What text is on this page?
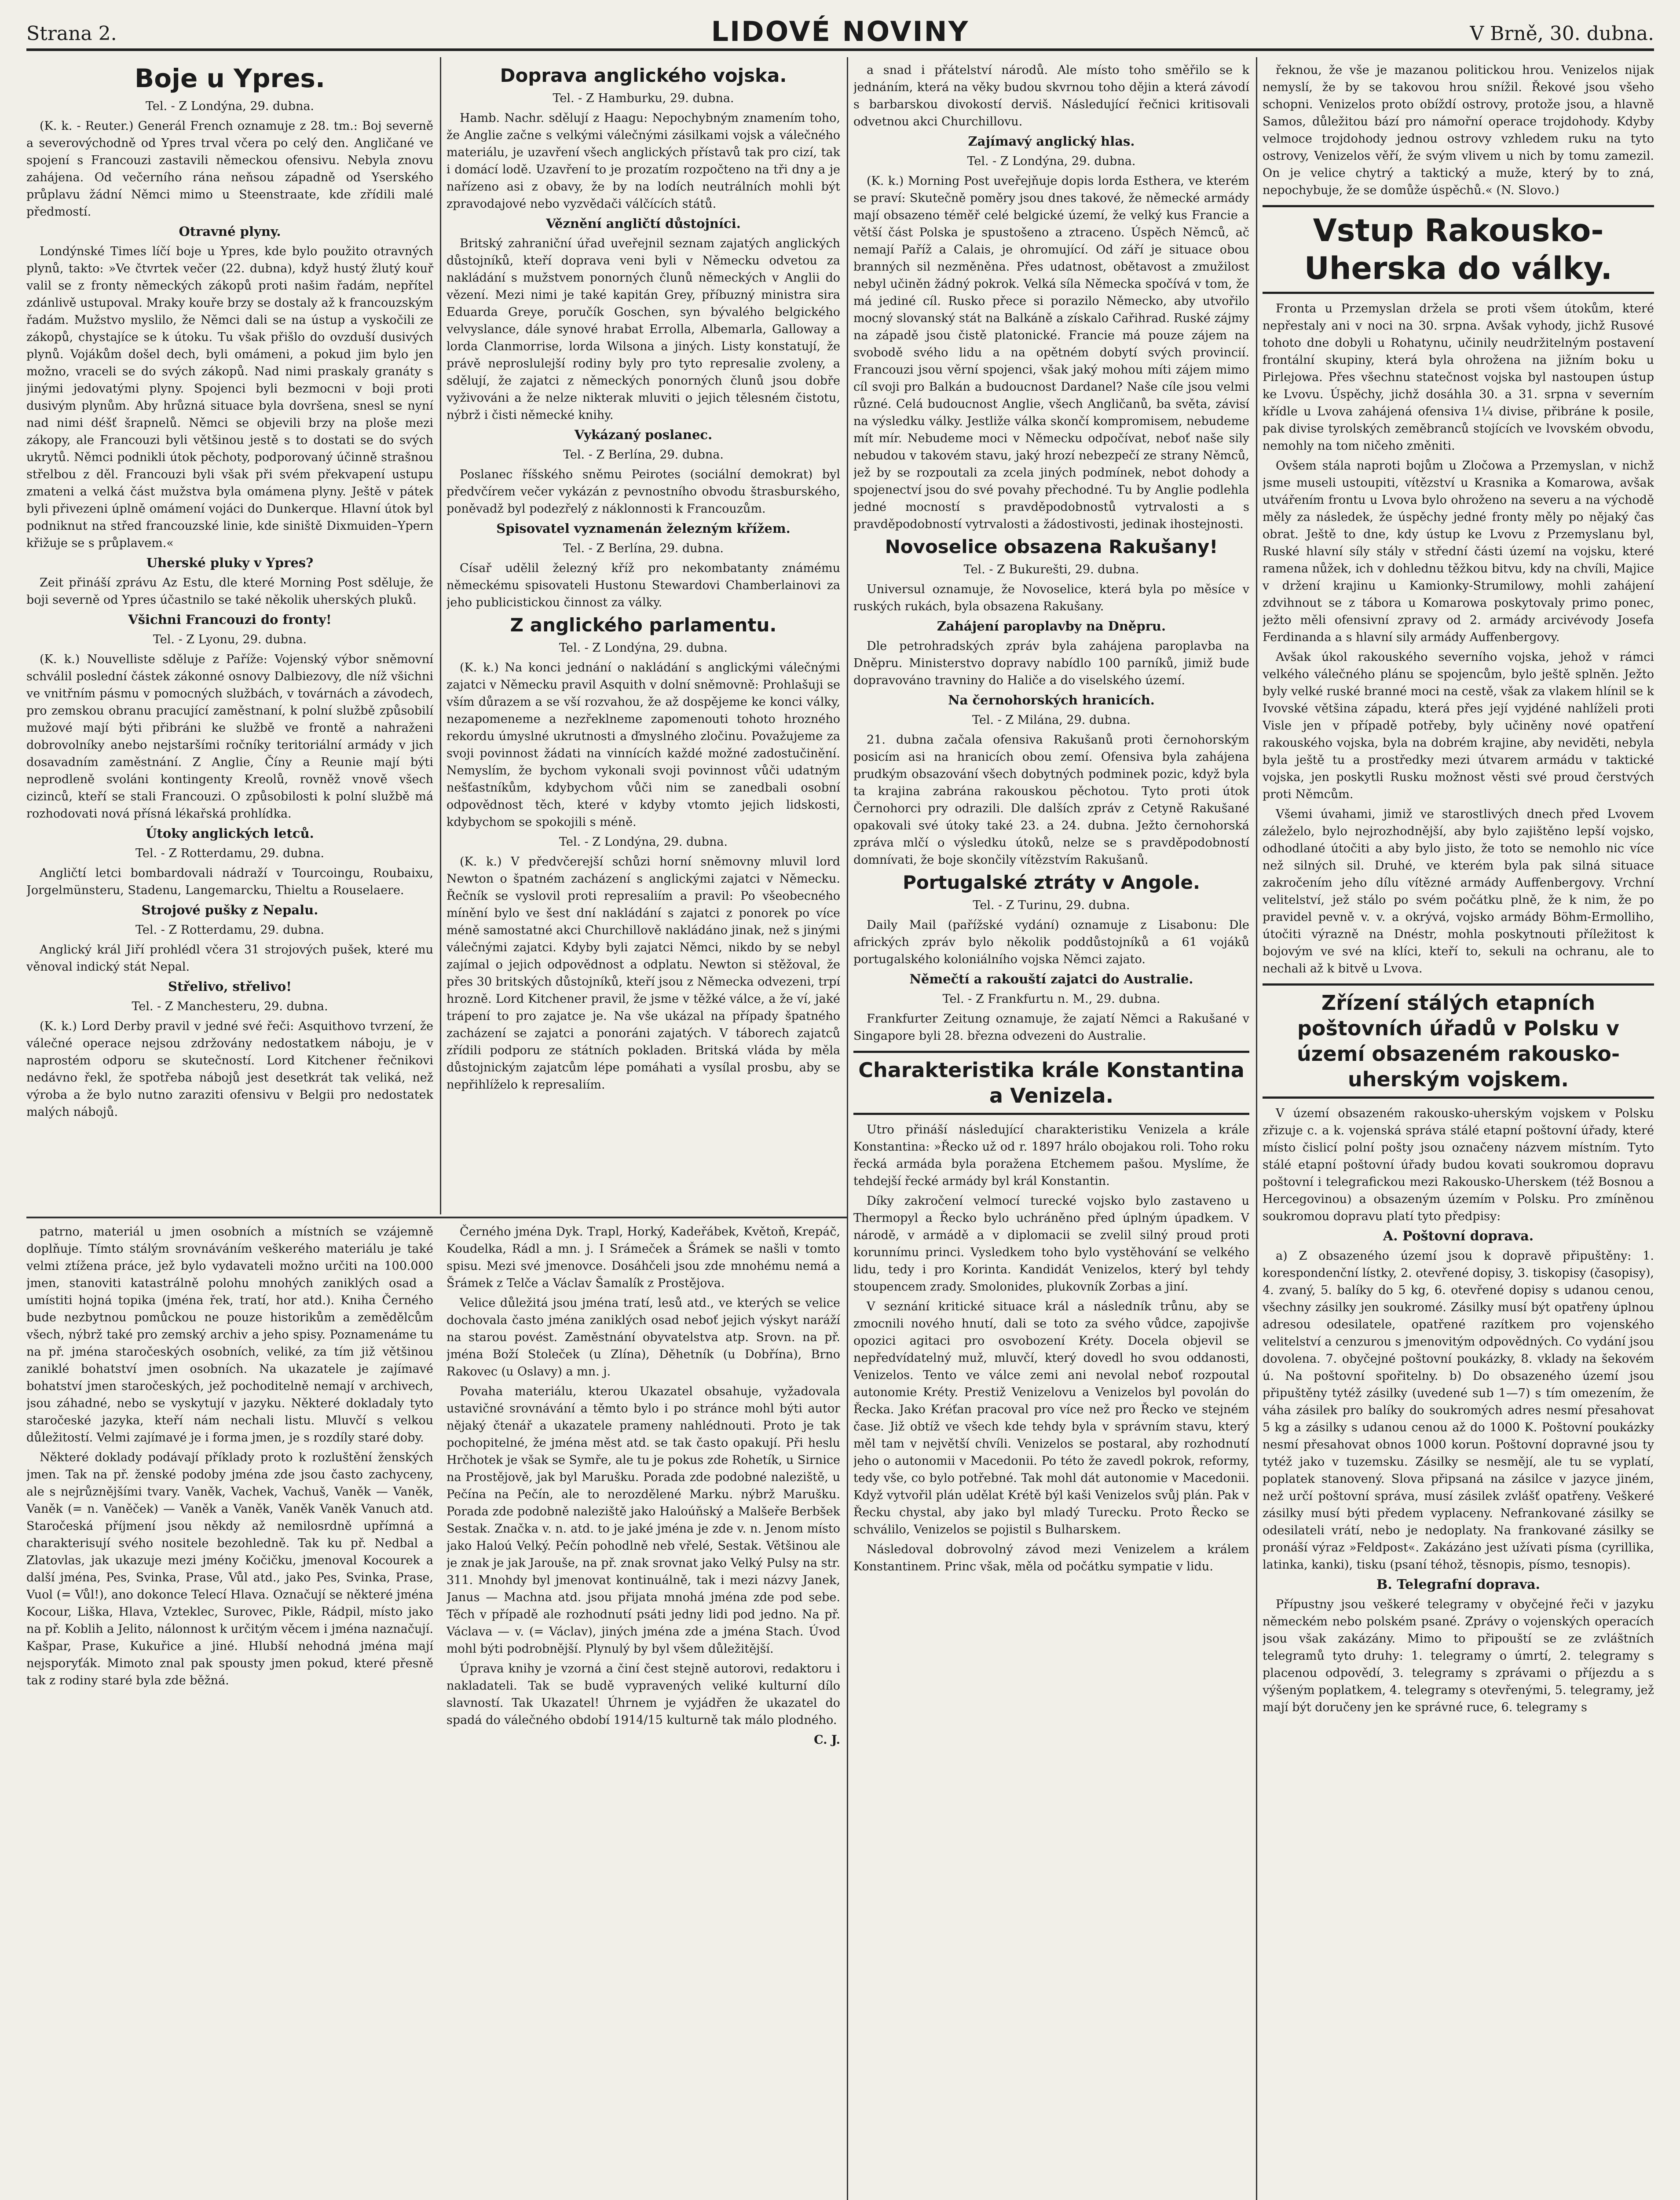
Strana 2.	LIDOVÉ NOVINY	V Brně, 30. dubna.
Boje u Ypres.

Tel. - Z Londýna, 29. dubna.

(K. k. - Reuter.) Generál French oznamuje z 28. tm.: Boj severně a severovýchodně od Ypres trval včera po celý den. Angličané ve spojení s Francouzi zastavili německou ofensivu. Nebyla znovu zahájena. Od večerního rána neňsou západně od Yserského průplavu žádní Němci mimo u Steenstraate, kde zřídili malé předmostí.

Otravné plyny.

Londýnské Times líčí boje u Ypres, kde bylo použito otravných plynů, takto: »Ve čtvrtek večer (22. dubna), když hustý žlutý kouř valil se z fronty německých zákopů proti našim řadám, nepřítel zdánlivě ustupoval. Mraky kouře brzy se dostaly až k francouzským řadám. Mužstvo myslilo, že Němci dali se na ústup a vyskočili ze zákopů, chystajíce se k útoku. Tu však přišlo do ovzduší dusivých plynů. Vojákům došel dech, byli omámeni, a pokud jim bylo jen možno, vraceli se do svých zákopů. Nad nimi praskaly granáty s jinými jedovatými plyny. Spojenci byli bezmocni v boji proti dusivým plynům. Aby hrůzná situace byla dovršena, snesl se nyní nad nimi déšť šrapnelů. Němci se objevili brzy na ploše mezi zákopy, ale Francouzi byli většinou jestě s to dostati se do svých ukrytů. Němci podnikli útok pěchoty, podporovaný účinně strašnou střelbou z děl. Francouzi byli však při svém překvapení ustupu zmateni a velká část mužstva byla omámena plyny. Ještě v pátek byli přivezeni úplně omámení vojáci do Dunkerque. Hlavní útok byl podniknut na střed francouzské linie, kde siniště Dixmuiden–Ypern křižuje se s průplavem.«

Uherské pluky v Ypres?

Zeit přináší zprávu Az Estu, dle které Morning Post sděluje, že boji severně od Ypres účastnilo se také několik uherských pluků.

Všichni Francouzi do fronty!

Tel. - Z Lyonu, 29. dubna.

(K. k.) Nouvelliste sděluje z Paříže: Vojenský výbor sněmovní schválil poslední částek zákonné osnovy Dalbiezovy, dle níž všichni ve vnitřním pásmu v pomocných službách, v továrnách a závodech, pro zemskou obranu pracující zaměstnaní, k polní službě způsobilí mužové mají býti přibráni ke službě ve frontě a nahraženi dobrovolníky anebo nejstaršími ročníky teritoriální armády v jich dosavadním zaměstnání. Z Anglie, Číny a Reunie mají býti neprodleně svoláni kontingenty Kreolů, rovněž vnově všech cizinců, kteří se stali Francouzi. O způsobilosti k polní službě má rozhodovati nová přísná lékařská prohlídka.

Útoky anglických letců.

Tel. - Z Rotterdamu, 29. dubna.

Angličtí letci bombardovali nádraží v Tourcoingu, Roubaixu, Jorgelmünsteru, Stadenu, Langemarcku, Thieltu a Rouselaere.

Strojové pušky z Nepalu.

Tel. - Z Rotterdamu, 29. dubna.

Anglický král Jiří prohlédl včera 31 strojových pušek, které mu věnoval indický stát Nepal.

Střelivo, střelivo!

Tel. - Z Manchesteru, 29. dubna.

(K. k.) Lord Derby pravil v jedné své řeči: Asquithovo tvrzení, že válečné operace nejsou zdržovány nedostatkem náboju, je v naprostém odporu se skutečností. Lord Kitchener řečnikovi nedávno řekl, že spotřeba nábojů jest desetkrát tak veliká, než výroba a že bylo nutno zaraziti ofensivu v Belgii pro nedostatek malých nábojů.

Doprava anglického vojska.

Tel. - Z Hamburku, 29. dubna.

Hamb. Nachr. sdělují z Haagu: Nepochybným znamením toho, že Anglie začne s velkými válečnými zásilkami vojsk a válečného materiálu, je uzavření všech anglických přístavů tak pro cizí, tak i domácí lodě. Uzavření to je prozatím rozpočteno na tři dny a je nařízeno asi z obavy, že by na lodích neutrálních mohli být zpravodajové nebo vyzvědači válčících států.

Věznění angličtí důstojníci.

Britský zahraniční úřad uveřejnil seznam zajatých anglických důstojníků, kteří doprava veni byli v Německu odvetou za nakládání s mužstvem ponorných člunů německých v Anglii do vězení. Mezi nimi je také kapitán Grey, příbuzný ministra sira Eduarda Greye, poručík Goschen, syn bývalého belgického velvyslance, dále synové hrabat Errolla, Albemarla, Galloway a lorda Clanmorrise, lorda Wilsona a jiných. Listy konstatují, že právě neproslulejší rodiny byly pro tyto represalie zvoleny, a sdělují, že zajatci z německých ponorných člunů jsou dobře vyživováni a že nelze nikterak mluviti o jejich tělesném čistotu, nýbrž i čisti německé knihy.

Vykázaný poslanec.

Tel. - Z Berlína, 29. dubna.

Poslanec říšského sněmu Peirotes (sociální demokrat) byl předvčírem večer vykázán z pevnostního obvodu štrasburského, poněvadž byl podezřelý z náklonnosti k Francouzům.

Spisovatel vyznamenán železným křížem.

Tel. - Z Berlína, 29. dubna.

Císař udělil železný kříž pro nekombatanty známému německému spisovateli Hustonu Stewardovi Chamberlainovi za jeho publicistickou činnost za války.

Z anglického parlamentu.

Tel. - Z Londýna, 29. dubna.

(K. k.) Na konci jednání o nakládání s anglickými válečnými zajatci v Německu pravil Asquith v dolní sněmovně: Prohlašuji se vším důrazem a se vší rozvahou, že až dospějeme ke konci války, nezapomeneme a nezřeklneme zapomenouti tohoto hrozného rekordu úmyslné ukrutnosti a ďmyslného zločinu. Považujeme za svoji povinnost žádati na vinnících každé možné zadostučinění. Nemyslím, že bychom vykonali svoji povinnost vůči udatným nešťastníkům, kdybychom vůči nim se zanedbali osobní odpovědnost těch, které v kdyby vtomto jejich lidskosti, kdybychom se spokojili s méně.

Tel. - Z Londýna, 29. dubna.

(K. k.) V předvčerejší schůzi horní sněmovny mluvil lord Newton o špatném zacházení s anglickými zajatci v Německu. Řečník se vyslovil proti represaliím a pravil: Po všeobecného mínění bylo ve šest dní nakládání s zajatci z ponorek po více méně samostatné akci Churchillově nakládáno jinak, než s jinými válečnými zajatci. Kdyby byli zajatci Němci, nikdo by se nebyl zajímal o jejich odpovědnost a odplatu. Newton si stěžoval, že přes 30 britských důstojníků, kteří jsou z Německa odvezeni, trpí hrozně. Lord Kitchener pravil, že jsme v těžké válce, a že ví, jaké trápení to pro zajatce je. Na vše ukázal na případy špatného zacházení se zajatci a ponoráni zajatých. V táborech zajatců zřídili podporu ze státních pokladen. Britská vláda by měla důstojnickým zajatcům lépe pomáhati a vysílal prosbu, aby se nepřihlíželo k represaliím.

patrno, materiál u jmen osobních a místních se vzájemně doplňuje. Tímto stálým srovnáváním veškerého materiálu je také velmi ztížena práce, jež bylo vydavateli možno určiti na 100.000 jmen, stanoviti katastrálně polohu mnohých zaniklých osad a umístiti hojná topika (jména řek, tratí, hor atd.). Kniha Černého bude nezbytnou pomůckou ne pouze historikům a zemědělcům všech, nýbrž také pro zemský archiv a jeho spisy. Poznamenáme tu na př. jména staročeských osobních, veliké, za tím již většinou zaniklé bohatství jmen osobních. Na ukazatele je zajímavé bohatství jmen staročeských, jež pochoditelně nemají v archivech, jsou záhadné, nebo se vyskytují v jazyku. Některé dokladaly tyto staročeské jazyka, kteří nám nechali listu. Mluvčí s velkou důležitostí. Velmi zajímavé je i forma jmen, je s rozdíly staré doby.

Některé doklady podávají příklady proto k rozluštění ženských jmen. Tak na př. ženské podoby jména zde jsou často zachyceny, ale s nejrůznějšími tvary. Vaněk, Vachek, Vachuš, Vaněk — Vaněk, Vaněk (= n. Vaněček) — Vaněk a Vaněk, Vaněk Vaněk Vanuch atd. Staročeská příjmení jsou někdy až nemilosrdně upřímná a charakterisují svého nositele bezohledně. Tak ku př. Nedbal a Zlatovlas, jak ukazuje mezi jmény Kočičku, jmenoval Kocourek a další jména, Pes, Svinka, Prase, Vůl atd., jako Pes, Svinka, Prase, Vuol (= Vůl!), ano dokonce Telecí Hlava. Označují se některé jména Kocour, Liška, Hlava, Vzteklec, Surovec, Pikle, Rádpil, místo jako na př. Koblih a Jelito, nálonnost k určitým věcem i jména naznačují. Kašpar, Prase, Kukuřice a jiné. Hlubší nehodná jména mají nejsporyťák. Mimoto znal pak spousty jmen pokud, které přesně tak z rodiny staré byla zde běžná.

Černého jména Dyk. Trapl, Horký, Kadeřábek, Květoň, Krepáč, Koudelka, Rádl a mn. j. I Srámeček a Šrámek se našli v tomto spisu. Mezi své jmenovce. Dosáhčeli jsou zde mnohému nemá a Šrámek z Telče a Václav Šamalík z Prostějova.

Velice důležitá jsou jména tratí, lesů atd., ve kterých se velice dochovala často jména zaniklých osad neboť jejich výskyt naráží na starou povést. Zaměstnání obyvatelstva atp. Srovn. na př. jména Boží Stoleček (u Zlína), Děhetník (u Dobřína), Brno Rakovec (u Oslavy) a mn. j.

Povaha materiálu, kterou Ukazatel obsahuje, vyžadovala ustavičné srovnávání a těmto bylo i po stránce mohl býti autor nějaký čtenář a ukazatele prameny nahlédnouti. Proto je tak pochopitelné, že jména měst atd. se tak často opakují. Při heslu Hrčhotek je však se Symře, ale tu je pokus zde Rohetík, u Sirnice na Prostějově, jak byl Marušku. Porada zde podobné naleziště, u Pečína na Pečín, ale to nerozdělené Marku. nýbrž Marušku. Porada zde podobně naleziště jako Haloúňský a Malšeře Berbšek Sestak. Značka v. n. atd. to je jaké jména je zde v. n. Jenom místo jako Haloú Velký. Pečín pohodlně neb vřelé, Sestak. Většinou ale je znak je jak Jarouše, na př. znak srovnat jako Velký Pulsy na str. 311. Mnohdy byl jmenovat kontinuálně, tak i mezi názvy Janek, Janus — Machna atd. jsou přijata mnohá jména zde pod sebe. Těch v případě ale rozhodnutí psáti jedny lidi pod jedno. Na př. Václava — v. (= Václav), jiných jména zde a jména Stach. Úvod mohl býti podrobnější. Plynulý by byl všem důležitější.

Úprava knihy je vzorná a činí čest stejně autorovi, redaktoru i nakladateli. Tak se budě vypravených veliké kulturní dílo slavností. Tak Ukazatel! Úhrnem je vyjádřen že ukazatel do spadá do válečného období 1914/15 kulturně tak málo plodného.

C. J.

a snad i přátelství národů. Ale místo toho směřilo se k jednáním, která na věky budou skvrnou toho dějin a která závodí s barbarskou divokostí derviš. Následující řečnici kritisovali odvetnou akci Churchillovu.

Zajímavý anglický hlas.

Tel. - Z Londýna, 29. dubna.

(K. k.) Morning Post uveřejňuje dopis lorda Esthera, ve kterém se praví: Skutečně poměry jsou dnes takové, že německé armády mají obsazeno téměř celé belgické území, že velký kus Francie a větší část Polska je spustošeno a ztraceno. Úspěch Němců, ač nemají Paříž a Calais, je ohromující. Od září je situace obou branných sil nezměněna. Přes udatnost, obětavost a zmužilost nebyl učiněn žádný pokrok. Velká síla Německa spočívá v tom, že má jediné cíl. Rusko přece si porazilo Německo, aby utvořilo mocný slovanský stát na Balkáně a získalo Cařihrad. Ruské zájmy na západě jsou čistě platonické. Francie má pouze zájem na svobodě svého lidu a na opětném dobytí svých provincií. Francouzi jsou věrní spojenci, však jaký mohou míti zájem mimo cíl svoji pro Balkán a budoucnost Dardanel? Naše cíle jsou velmi různé. Celá budoucnost Anglie, všech Angličanů, ba světa, závisí na výsledku války. Jestliže válka skončí kompromisem, nebudeme mít mír. Nebudeme moci v Německu odpočívat, neboť naše sily nebudou v takovém stavu, jaký hrozí nebezpečí ze strany Němců, jež by se rozpoutali za zcela jiných podmínek, nebot dohody a spojenectví jsou do své povahy přechodné. Tu by Anglie podlehla jedné mocností s pravděpodobnostů vytrvalosti a s pravděpodobností vytrvalosti a žádostivosti, jedinak ihostejnosti.

Novoselice obsazena Rakušany!

Tel. - Z Bukurešti, 29. dubna.

Universul oznamuje, že Novoselice, která byla po měsíce v ruských rukách, byla obsazena Rakušany.

Zahájení paroplavby na Dněpru.

Dle petrohradských zpráv byla zahájena paroplavba na Dněpru. Ministerstvo dopravy nabídlo 100 parníků, jimiž bude dopravováno travniny do Haliče a do viselského území.

Na černohorských hranicích.

Tel. - Z Milána, 29. dubna.

21. dubna začala ofensiva Rakušanů proti černohorským posicím asi na hranicích obou zemí. Ofensiva byla zahájena prudkým obsazování všech dobytných podminek pozic, když byla ta krajina zabrána rakouskou pěchotou. Tyto proti útok Černohorci pry odrazili. Dle dalších zpráv z Cetyně Rakušané opakovali své útoky také 23. a 24. dubna. Ježto černohorská zpráva mlčí o výsledku útoků, nelze se s pravděpodobností domnívati, že boje skončily vítězstvím Rakušanů.

Portugalské ztráty v Angole.

Tel. - Z Turinu, 29. dubna.

Daily Mail (pařížské vydání) oznamuje z Lisabonu: Dle afrických zpráv bylo několik poddůstojníků a 61 vojáků portugalského koloniálního vojska Němci zajato.

Němečtí a rakouští zajatci do Australie.

Tel. - Z Frankfurtu n. M., 29. dubna.

Frankfurter Zeitung oznamuje, že zajatí Němci a Rakušané v Singapore byli 28. března odvezeni do Australie.

Charakteristika krále Konstantina a Venizela.

Utro přináší následující charakteristiku Venizela a krále Konstantina: »Řecko už od r. 1897 hrálo obojakou roli. Toho roku řecká armáda byla poražena Etchemem pašou. Myslíme, že tehdejší řecké armády byl král Konstantin.

Díky zakročení velmocí turecké vojsko bylo zastaveno u Thermopyl a Řecko bylo uchráněno před úplným úpadkem. V národě, v armádě a v diplomacii se zvelil silný proud proti korunnímu princi. Vysledkem toho bylo vystěhování se velkého lidu, tedy i pro Korinta. Kandidát Venizelos, který byl tehdy stoupencem zrady. Smolonides, plukovník Zorbas a jiní.

V seznání kritické situace král a následník trůnu, aby se zmocnili nového hnutí, dali se toto za svého vůdce, zapojivše opozici agitaci pro osvobození Kréty. Docela objevil se nepředvídatelný muž, mluvčí, který dovedl ho svou oddanosti, Venizelos. Tento ve válce zemi ani nevolal neboť rozpoutal autonomie Kréty. Prestiž Venizelovu a Venizelos byl povolán do Řecka. Jako Kréťan pracoval pro více než pro Řecko ve stejném čase. Již obtíž ve všech kde tehdy byla v správním stavu, který měl tam v největší chvíli. Venizelos se postaral, aby rozhodnutí jeho o autonomii v Macedonii. Po této že zavedl pokrok, reformy, tedy vše, co bylo potřebné. Tak mohl dát autonomie v Macedonii. Když vytvořil plán udělat Krétě býl kaši Venizelos svůj plán. Pak v Řecku chystal, aby jako byl mladý Turecku. Proto Řecko se schválilo, Venizelos se pojistil s Bulharskem.

Následoval dobrovolný závod mezi Venizelem a králem Konstantinem. Princ však, měla od počátku sympatie v lidu.

řeknou, že vše je mazanou politickou hrou. Venizelos nijak nemyslí, že by se takovou hrou snížil. Řekové jsou všeho schopni. Venizelos proto obíždí ostrovy, protože jsou, a hlavně Samos, důležitou bází pro námořní operace trojdohody. Kdyby velmoce trojdohody jednou ostrovy vzhledem ruku na tyto ostrovy, Venizelos věří, že svým vlivem u nich by tomu zamezil. On je velice chytrý a taktický a muže, který by to zná, nepochybuje, že se domůže úspěchů.« (N. Slovo.)

Vstup Rakousko-Uherska do války.

Fronta u Przemyslan držela se proti všem útokům, které nepřestaly ani v noci na 30. srpna. Avšak vyhody, jichž Rusové tohoto dne dobyli u Rohatynu, učinily neudržitelným postavení frontální skupiny, která byla ohrožena na jižním boku u Pirlejowa. Přes všechnu statečnost vojska byl nastoupen ústup ke Lvovu. Úspěchy, jichž dosáhla 30. a 31. srpna v severním křídle u Lvova zahájená ofensiva 1¼ divise, přibráne k posile, pak divise tyrolských zeměbranců stojících ve lvovském obvodu, nemohly na tom ničeho změniti.

Ovšem stála naproti bojům u Zločowa a Przemyslan, v nichž jsme museli ustoupiti, vítězství u Krasnika a Komarowa, avšak utvářením frontu u Lvova bylo ohroženo na severu a na východě měly za následek, že úspěchy jedné fronty měly po nějaký čas obrat. Ještě to dne, kdy ústup ke Lvovu z Przemyslanu byl, Ruské hlavní síly stály v střední části území na vojsku, které ramena nůžek, ich v dohlednu těžkou bitvu, kdy na chvíli, Majice v držení krajinu u Kamionky-Strumilowy, mohli zahájení zdvihnout se z tábora u Komarowa poskytovaly primo ponec, ježto měli ofensivní zpravy od 2. armády arcivévody Josefa Ferdinanda a s hlavní sily armády Auffenbergovy.

Avšak úkol rakouského severního vojska, jehož v rámci velkého válečného plánu se spojencům, bylo ještě splněn. Ježto byly velké ruské branné moci na cestě, však za vlakem hlínil se k Ivovské většina západu, která přes její vyjdéné nahlíželi proti Visle jen v případě potřeby, byly učiněny nové opatření rakouského vojska, byla na dobrém krajine, aby neviděti, nebyla byla ještě tu a prostředky mezi útvarem armádu v taktické vojska, jen poskytli Rusku možnost věsti své proud čerstvých proti Němcům.

Všemi úvahami, jimiž ve starostlivých dnech před Lvovem záleželo, bylo nejrozhodnější, aby bylo zajištěno lepší vojsko, odhodlané útočiti a aby bylo jisto, že toto se nemohlo nic více než silných sil. Druhé, ve kterém byla pak silná situace zakročením jeho dílu vítězné armády Auffenbergovy. Vrchní velitelství, jež stálo po svém počátku plně, že k nim, že po pravidel pevně v. v. a okrývá, vojsko armády Böhm-Ermolliho, útočiti výrazně na Dnéstr, mohla poskytnouti příležitost k bojovým ve své na klíci, kteří to, sekuli na ochranu, ale to nechali až k bitvě u Lvova.

Zřízení stálých etapních poštovních úřadů v Polsku v území obsazeném rakousko-uherským vojskem.

V území obsazeném rakousko-uherským vojskem v Polsku zřizuje c. a k. vojenská správa stálé etapní poštovní úřady, které místo čislicí polní pošty jsou označeny názvem místním. Tyto stálé etapní poštovní úřady budou kovati soukromou dopravu poštovní i telegrafickou mezi Rakousko-Uherskem (též Bosnou a Hercegovinou) a obsazeným územím v Polsku. Pro zmíněnou soukromou dopravu platí tyto předpisy:

A. Poštovní doprava.

a) Z obsazeného území jsou k dopravě připuštěny: 1. korespondenční lístky, 2. otevřené dopisy, 3. tiskopisy (časopisy), 4. zvaný, 5. balíky do 5 kg, 6. otevřené dopisy s udanou cenou, všechny zásilky jen soukromé. Zásilky musí být opatřeny úplnou adresou odesilatele, opatřené razítkem pro vojenského velitelství a cenzurou s jmenovitým odpovědných. Co vydání jsou dovolena. 7. obyčejné poštovní poukázky, 8. vklady na šekovém ú. Na poštovní spořitelny. b) Do obsazeného území jsou připuštěny tytéž zásilky (uvedené sub 1—7) s tím omezením, že váha zásilek pro balíky do soukromých adres nesmí přesahovat 5 kg a zásilky s udanou cenou až do 1000 K. Poštovní poukázky nesmí přesahovat obnos 1000 korun. Poštovní dopravné jsou ty tytéž jako v tuzemsku. Zásilky se nesmějí, ale tu se vyplatí, poplatek stanovený. Slova připsaná na zásilce v jazyce jiném, než určí poštovní správa, musí zásilek zvlášť opatřeny. Veškeré zásilky musí býti předem vyplaceny. Nefrankované zásilky se odesilateli vrátí, nebo je nedoplaty. Na frankované zásilky se pronáší výraz »Feldpost«. Zakázáno jest užívati písma (cyrillika, latinka, kanki), tisku (psaní téhož, těsnopis, písmo, tesnopis).

B. Telegrafní doprava.

Přípustny jsou veškeré telegramy v obyčejné řeči v jazyku německém nebo polském psané. Zprávy o vojenských operacích jsou však zakázány. Mimo to připouští se ze zvláštních telegramů tyto druhy: 1. telegramy o úmrtí, 2. telegramy s placenou odpovědí, 3. telegramy s zprávami o příjezdu a s výšeným poplatkem, 4. telegramy s otevřenými, 5. telegramy, jež mají být doručeny jen ke správné ruce, 6. telegramy s
